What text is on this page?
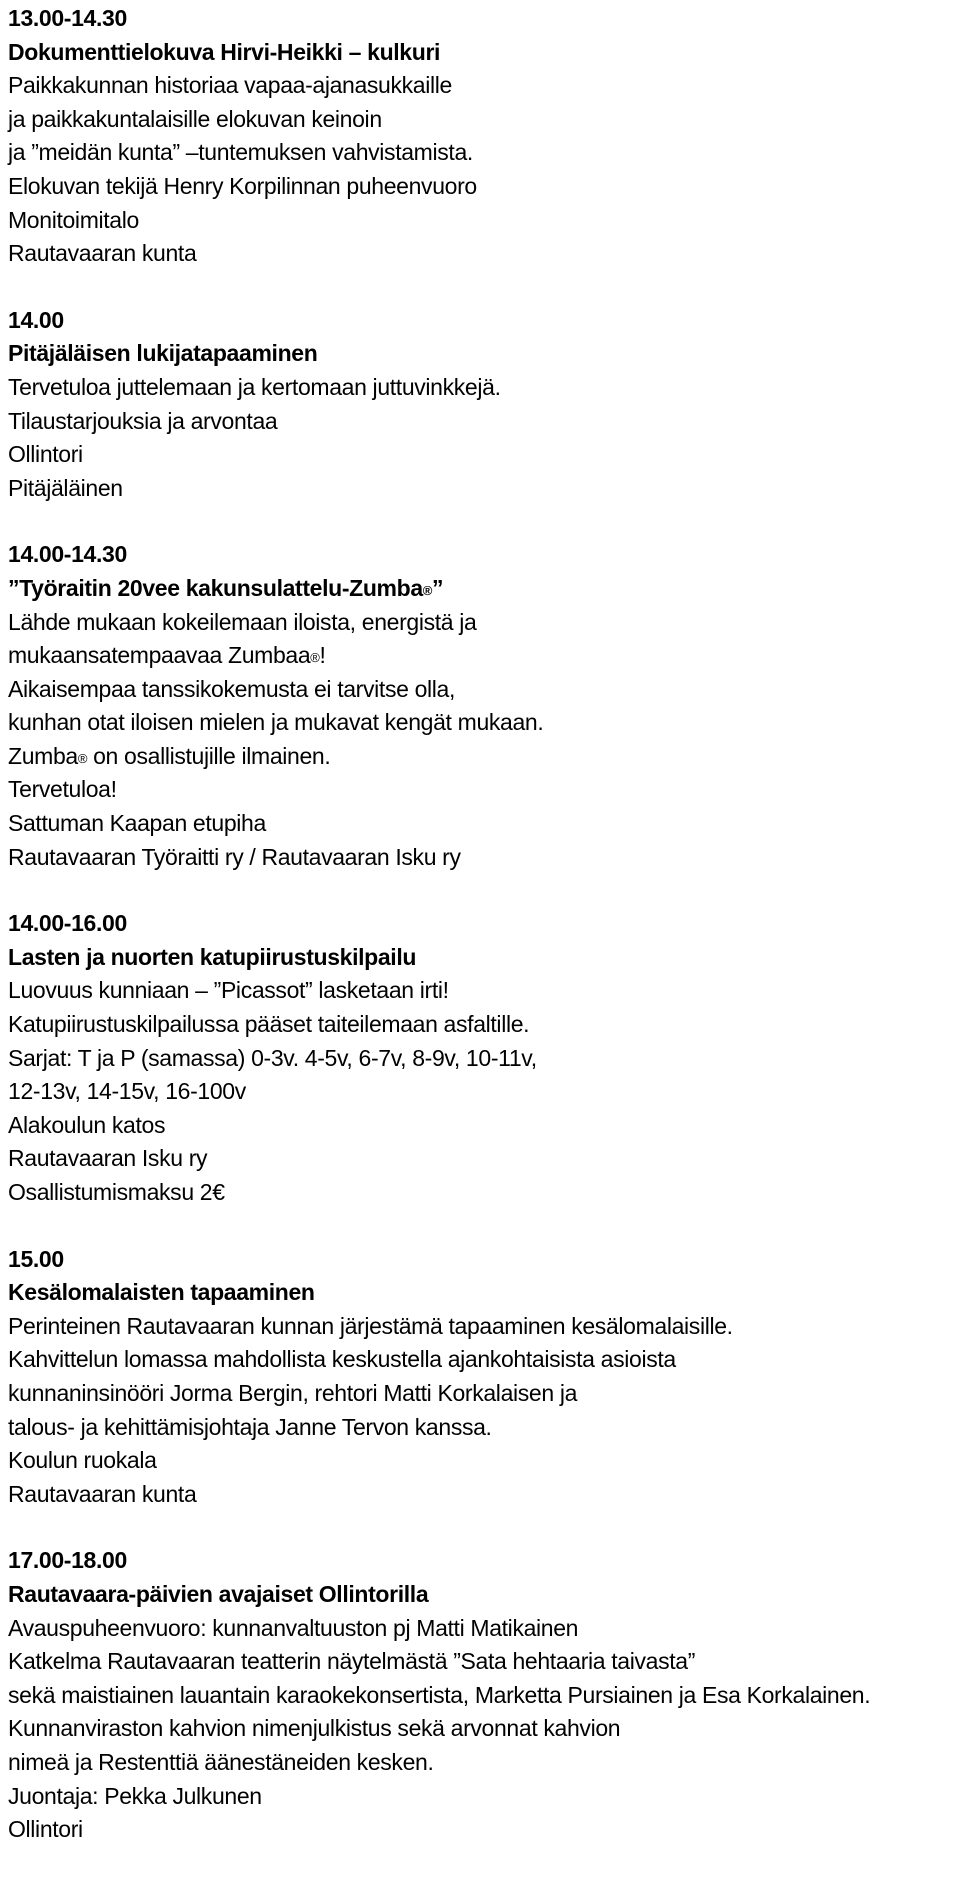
13.00-14.30
Dokumenttielokuva Hirvi-Heikki – kulkuri
Paikkakunnan historiaa vapaa-ajanasukkaille
ja paikkakuntalaisille elokuvan keinoin
ja ”meidän kunta” –tuntemuksen vahvistamista.
Elokuvan tekijä Henry Korpilinnan puheenvuoro
Monitoimitalo
Rautavaaran kunta
14.00
Pitäjäläisen lukijatapaaminen
Tervetuloa juttelemaan ja kertomaan juttuvinkkejä.
Tilaustarjouksia ja arvontaa
Ollintori
Pitäjäläinen
14.00-14.30
”Työraitin 20vee kakunsulattelu-Zumba®”
Lähde mukaan kokeilemaan iloista, energistä ja
mukaansatempaavaa Zumbaa®!
Aikaisempaa tanssikokemusta ei tarvitse olla,
kunhan otat iloisen mielen ja mukavat kengät mukaan.
Zumba® on osallistujille ilmainen.
Tervetuloa!
Sattuman Kaapan etupiha
Rautavaaran Työraitti ry / Rautavaaran Isku ry
14.00-16.00
Lasten ja nuorten katupiirustuskilpailu
Luovuus kunniaan – ”Picassot” lasketaan irti!
Katupiirustuskilpailussa pääset taiteilemaan asfaltille.
Sarjat: T ja P (samassa) 0-3v. 4-5v, 6-7v, 8-9v, 10-11v,
12-13v, 14-15v, 16-100v
Alakoulun katos
Rautavaaran Isku ry
Osallistumismaksu 2€
15.00
Kesälomalaisten tapaaminen
Perinteinen Rautavaaran kunnan järjestämä tapaaminen kesälomalaisille.
Kahvittelun lomassa mahdollista keskustella ajankohtaisista asioista
kunnaninsinööri Jorma Bergin, rehtori Matti Korkalaisen ja
talous- ja kehittämisjohtaja Janne Tervon kanssa.
Koulun ruokala
Rautavaaran kunta
17.00-18.00
Rautavaara-päivien avajaiset Ollintorilla
Avauspuheenvuoro: kunnanvaltuuston pj Matti Matikainen
Katkelma Rautavaaran teatterin näytelmästä ”Sata hehtaaria taivasta”
sekä maistiainen lauantain karaokekonsertista, Marketta Pursiainen ja Esa Korkalainen.
Kunnanviraston kahvion nimenjulkistus sekä arvonnat kahvion
nimeä ja Restenttiä äänestäneiden kesken.
Juontaja: Pekka Julkunen
Ollintori
